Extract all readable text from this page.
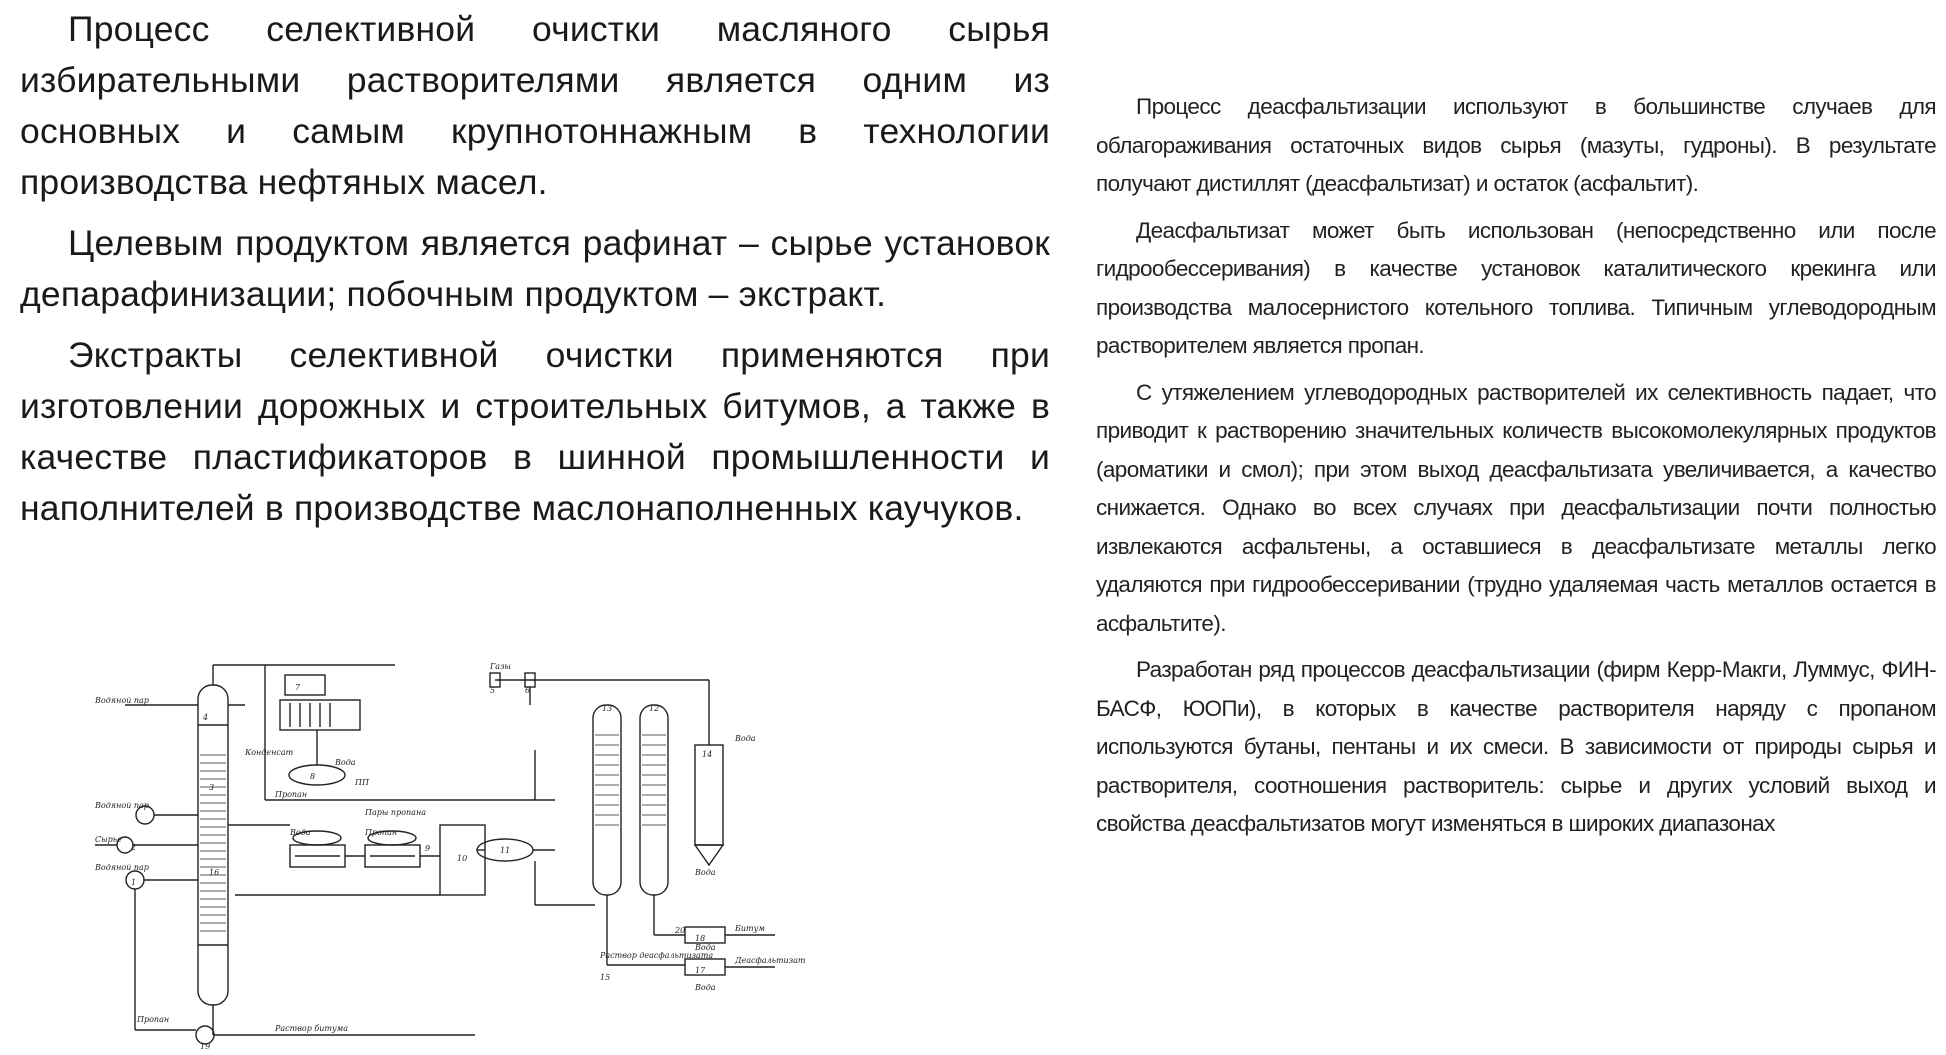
Процесс селективной очистки масляного сырья избирательными растворителями является одним из основных и самым крупнотоннажным в технологии производства нефтяных масел.

Целевым продуктом является рафинат – сырье установок депарафинизации; побочным продуктом – экстракт.

Экстракты селективной очистки применяются при изготовлении дорожных и строительных битумов, а также в качестве пластификаторов в шинной промышленности и наполнителей в производстве маслонаполненных каучуков.

Процесс деасфальтизации используют в большинстве случаев для облагораживания остаточных видов сырья (мазуты, гудроны). В результате получают дистиллят (деасфальтизат) и остаток (асфальтит).

Деасфальтизат может быть использован (непосредственно или после гидрообессеривания) в качестве установок каталитического крекинга или производства малосернистого котельного топлива. Типичным углеводородным растворителем является пропан.

С утяжелением углеводородных растворителей их селективность падает, что приводит к растворению значительных количеств высокомолекулярных продуктов (ароматики и смол); при этом выход деасфальтизата увеличивается, а качество снижается. Однако во всех случаях при деасфальтизации почти полностью извлекаются асфальтены, а оставшиеся в деасфальтизате металлы легко удаляются при гидрообессеривании (трудно удаляемая часть металлов остается в асфальтите).

Разработан ряд процессов деасфальтизации (фирм Керр-Макги, Луммус, ФИН-БАСФ, ЮОПи), в которых в качестве растворителя наряду с пропаном используются бутаны, пентаны и их смеси. В зависимости от природы сырья и растворителя, соотношения растворитель: сырье и других условий выход и свойства деасфальтизатов могут изменяться в широких диапазонах

Водяной пар
Водяной пар
Сырье
Водяной пар
Пропан
Раствор битума
Пропан
Пары пропана
Раствор деасфальтизата
Битум
Деасфальтизат
Вода
Вода
Вода
Вода
Вода
ПП
Конденсат
Вода	Пропан
Газы
4
3
16
2
1
19
10
11
13	12
14
20
18
17
15
5	6
7
8
9
